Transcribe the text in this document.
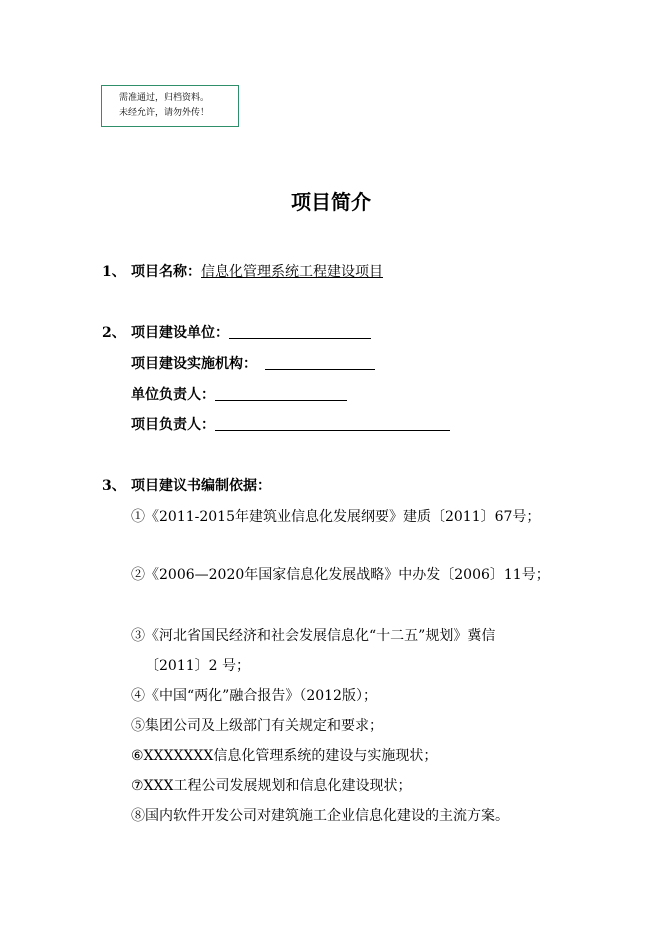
需准通过，归档资料。
未经允许，请勿外传！
项目简介
1、 项目名称：信息化管理系统工程建设项目
2、 项目建设单位：
项目建设实施机构：
单位负责人：
项目负责人：
3、 项目建议书编制依据：
①《2011-2015年建筑业信息化发展纲要》建质〔2011〕67号；
②《2006—2020年国家信息化发展战略》中办发〔2006〕11号；
③《河北省国民经济和社会发展信息化“十二五”规划》冀信
〔2011〕2 号；
④《中国“两化”融合报告》（2012版）；
⑤集团公司及上级部门有关规定和要求；
⑥XXXXXXX信息化管理系统的建设与实施现状；
⑦XXX工程公司发展规划和信息化建设现状；
⑧国内软件开发公司对建筑施工企业信息化建设的主流方案。
